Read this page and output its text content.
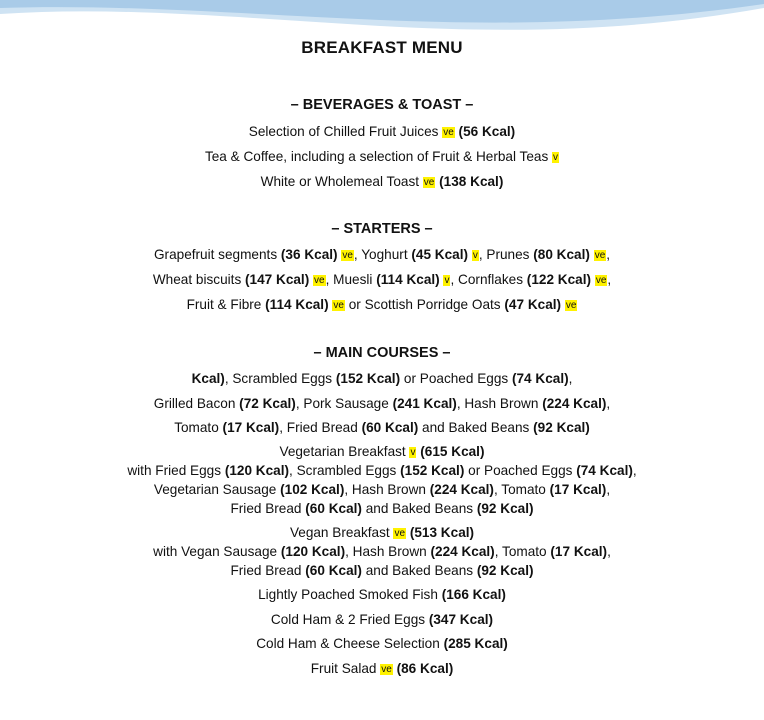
BREAKFAST MENU
– BEVERAGES & TOAST –
Selection of Chilled Fruit Juices ve (56 Kcal)
Tea & Coffee, including a selection of Fruit & Herbal Teas v
White or Wholemeal Toast ve (138 Kcal)
– STARTERS –
Grapefruit segments (36 Kcal) ve, Yoghurt (45 Kcal) v, Prunes (80 Kcal) ve,
Wheat biscuits (147 Kcal) ve, Muesli (114 Kcal) v, Cornflakes (122 Kcal) ve,
Fruit & Fibre (114 Kcal) ve or Scottish Porridge Oats (47 Kcal) ve
– MAIN COURSES –
Kcal), Scrambled Eggs (152 Kcal) or Poached Eggs (74 Kcal),
Grilled Bacon (72 Kcal), Pork Sausage (241 Kcal), Hash Brown (224 Kcal),
Tomato (17 Kcal), Fried Bread (60 Kcal) and Baked Beans (92 Kcal)
Vegetarian Breakfast v (615 Kcal)
with Fried Eggs (120 Kcal), Scrambled Eggs (152 Kcal) or Poached Eggs (74 Kcal),
Vegetarian Sausage (102 Kcal), Hash Brown (224 Kcal), Tomato (17 Kcal),
Fried Bread (60 Kcal) and Baked Beans (92 Kcal)
Vegan Breakfast ve (513 Kcal)
with Vegan Sausage (120 Kcal), Hash Brown (224 Kcal), Tomato (17 Kcal),
Fried Bread (60 Kcal) and Baked Beans (92 Kcal)
Lightly Poached Smoked Fish (166 Kcal)
Cold Ham & 2 Fried Eggs (347 Kcal)
Cold Ham & Cheese Selection (285 Kcal)
Fruit Salad ve (86 Kcal)
